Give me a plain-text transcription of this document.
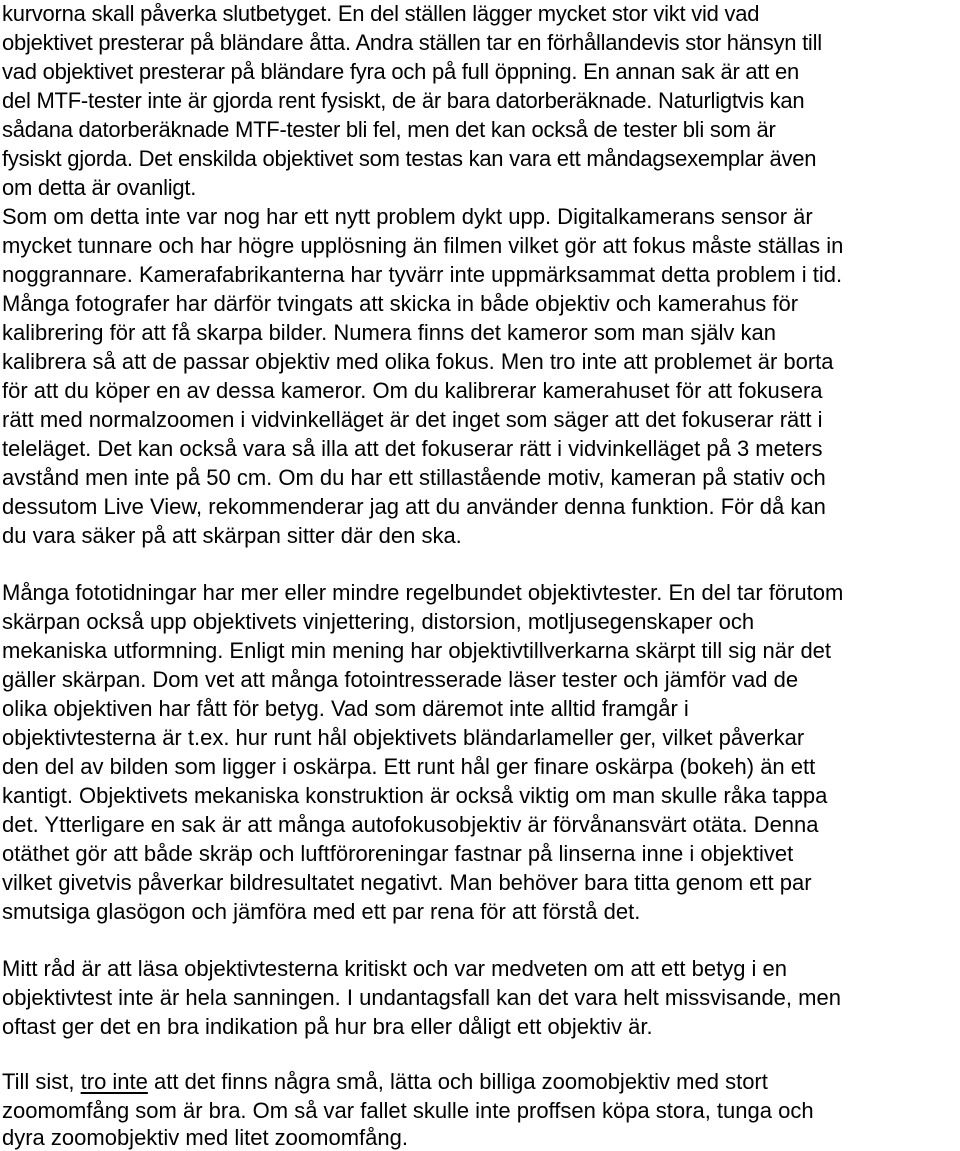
kurvorna skall påverka slutbetyget. En del ställen lägger mycket stor vikt vid vad

objektivet presterar på bländare åtta. Andra ställen tar en förhållandevis stor hänsyn till

vad objektivet presterar på bländare fyra och på full öppning. En annan sak är att en

del MTF-tester inte är gjorda rent fysiskt, de är bara datorberäknade. Naturligtvis kan

sådana datorberäknade MTF-tester bli fel, men det kan också de tester bli som är

fysiskt gjorda. Det enskilda objektivet som testas kan vara ett måndagsexemplar även

om detta är ovanligt.

Som om detta inte var nog har ett nytt problem dykt upp. Digitalkamerans sensor är

mycket tunnare och har högre upplösning än filmen vilket gör att fokus måste ställas in

noggrannare. Kamerafabrikanterna har tyvärr inte uppmärksammat detta problem i tid.

Många fotografer har därför tvingats att skicka in både objektiv och kamerahus för

kalibrering för att få skarpa bilder. Numera finns det kameror som man själv kan

kalibrera så att de passar objektiv med olika fokus. Men tro inte att problemet är borta

för att du köper en av dessa kameror. Om du kalibrerar kamerahuset för att fokusera

rätt med normalzoomen i vidvinkelläget är det inget som säger att det fokuserar rätt i

teleläget. Det kan också vara så illa att det fokuserar rätt i vidvinkelläget på 3 meters

avstånd men inte på 50 cm. Om du har ett stillastående motiv, kameran på stativ och

dessutom Live View, rekommenderar jag att du använder denna funktion. För då kan

du vara säker på att skärpan sitter där den ska.

Många fototidningar har mer eller mindre regelbundet objektivtester. En del tar förutom

skärpan också upp objektivets vinjettering, distorsion, motljusegenskaper och

mekaniska utformning. Enligt min mening har objektivtillverkarna skärpt till sig när det

gäller skärpan. Dom vet att många fotointresserade läser tester och jämför vad de

olika objektiven har fått för betyg. Vad som däremot inte alltid framgår i

objektivtesterna är t.ex. hur runt hål objektivets bländarlameller ger, vilket påverkar

den del av bilden som ligger i oskärpa. Ett runt hål ger finare oskärpa (bokeh) än ett

kantigt. Objektivets mekaniska konstruktion är också viktig om man skulle råka tappa

det. Ytterligare en sak är att många autofokusobjektiv är förvånansvärt otäta. Denna

otäthet gör att både skräp och luftföroreningar fastnar på linserna inne i objektivet

vilket givetvis påverkar bildresultatet negativt. Man behöver bara titta genom ett par

smutsiga glasögon och jämföra med ett par rena för att förstå det.

Mitt råd är att läsa objektivtesterna kritiskt och var medveten om att ett betyg i en

objektivtest inte är hela sanningen. I undantagsfall kan det vara helt missvisande, men

oftast ger det en bra indikation på hur bra eller dåligt ett objektiv är.

Till sist, tro inte att det finns några små, lätta och billiga zoomobjektiv med stort

zoomomfång som är bra. Om så var fallet skulle inte proffsen köpa stora, tunga och

dyra zoomobjektiv med litet zoomomfång.
